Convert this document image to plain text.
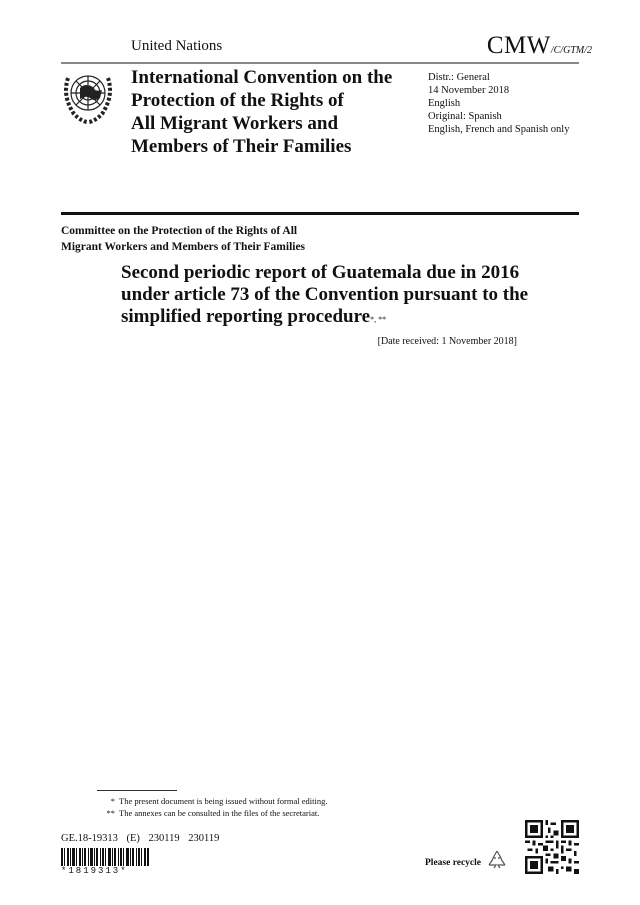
United Nations	CMW/C/GTM/2
International Convention on the
Protection of the Rights of
All Migrant Workers and
Members of Their Families
Distr.: General
14 November 2018
English
Original: Spanish
English, French and Spanish only
Committee on the Protection of the Rights of All
Migrant Workers and Members of Their Families
Second periodic report of Guatemala due in 2016
under article 73 of the Convention pursuant to the
simplified reporting procedure*, **
[Date received: 1 November 2018]
* The present document is being issued without formal editing.
** The annexes can be consulted in the files of the secretariat.
GE.18-19313 (E) 230119 230119
*1819313*
Please recycle
